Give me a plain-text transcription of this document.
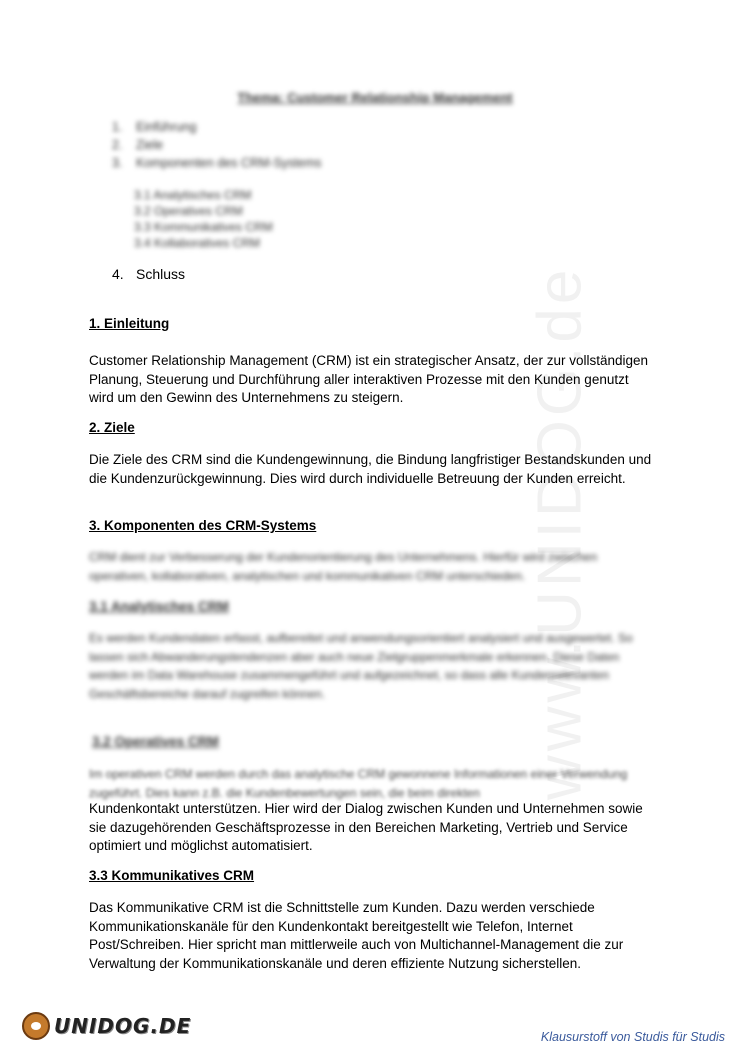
www.UNIDOG.de
Thema: Customer Relationship Management
1. Einführung
2. Ziele
3. Komponenten des CRM-Systems
3.1 Analytisches CRM
3.2 Operatives CRM
3.3 Kommunikatives CRM
3.4 Kollaboratives CRM
4. Schluss
1. Einleitung
Customer Relationship Management (CRM) ist ein strategischer Ansatz, der zur vollständigen Planung, Steuerung und Durchführung aller interaktiven Prozesse mit den Kunden genutzt wird um den Gewinn des Unternehmens zu steigern.
2. Ziele
Die Ziele des CRM sind die Kundengewinnung, die Bindung langfristiger Bestandskunden und die Kundenzurückgewinnung. Dies wird durch individuelle Betreuung der Kunden erreicht.
3. Komponenten des CRM-Systems
CRM dient zur Verbesserung der Kundenorientierung des Unternehmens. Hierfür wird zwischen operativen, kollaborativen, analytischen und kommunikativen CRM unterschieden.
3.1 Analytisches CRM
Es werden Kundendaten erfasst, aufbereitet und anwendungsorientiert analysiert und ausgewertet. So lassen sich Abwanderungstendenzen aber auch neue Zielgruppenmerkmale erkennen. Diese Daten werden im Data Warehouse zusammengeführt und aufgezeichnet, so dass alle Kundenrelevanten Geschäftsbereiche darauf zugreifen können.
3.2 Operatives CRM
Im operativen CRM werden durch das analytische CRM gewonnene Informationen einer Verwendung zugeführt. Dies kann z.B. die Kundenbewertungen sein, die beim direkten
Kundenkontakt unterstützen. Hier wird der Dialog zwischen Kunden und Unternehmen sowie sie dazugehörenden Geschäftsprozesse in den Bereichen Marketing, Vertrieb und Service optimiert und möglichst automatisiert.
3.3 Kommunikatives CRM
Das Kommunikative CRM ist die Schnittstelle zum Kunden. Dazu werden verschiede Kommunikationskanäle für den Kundenkontakt bereitgestellt wie Telefon, Internet Post/Schreiben. Hier spricht man mittlerweile auch von Multichannel-Management die zur Verwaltung der Kommunikationskanäle und deren effiziente Nutzung sicherstellen.
UNIDOG.DE	Klausurstoff von Studis für Studis
